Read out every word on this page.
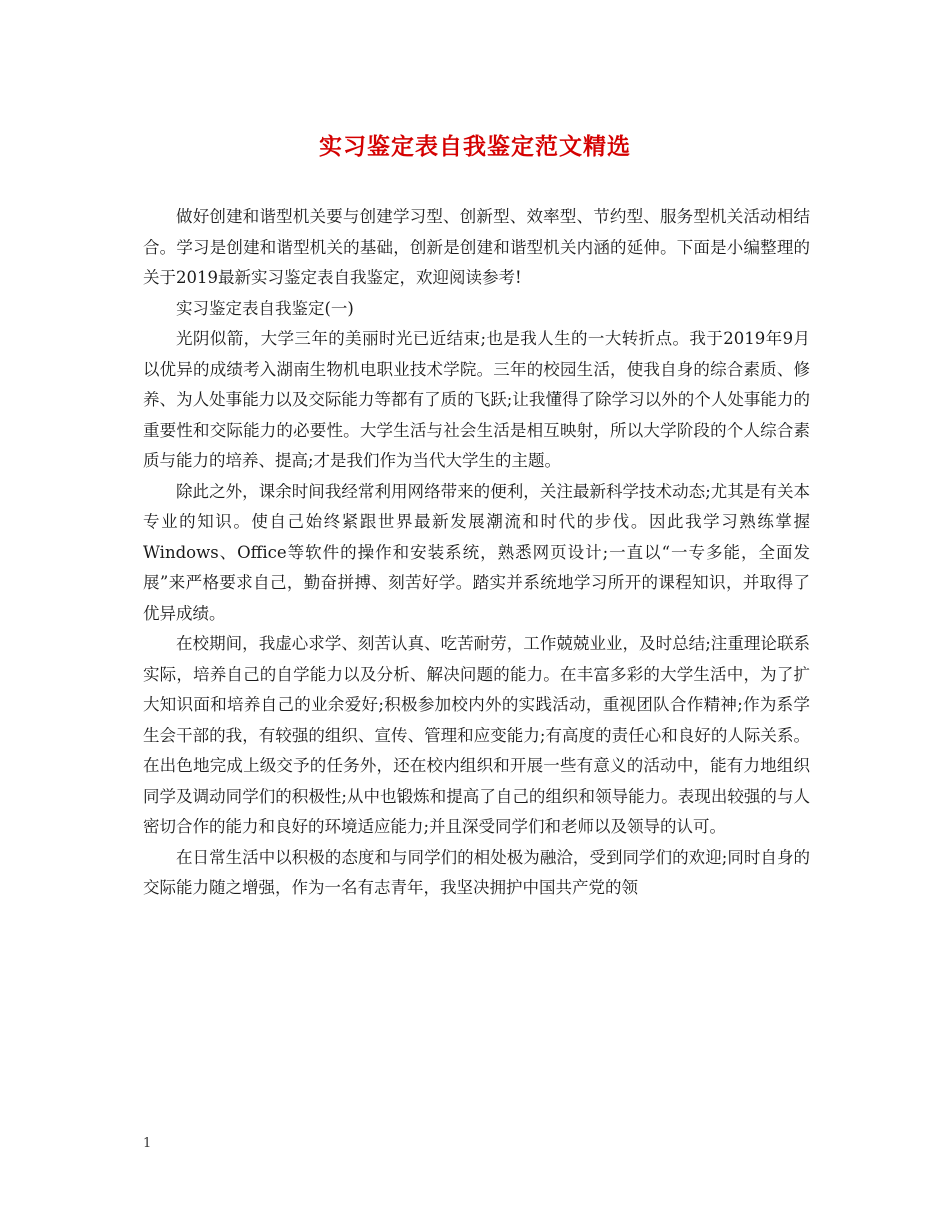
实习鉴定表自我鉴定范文精选

做好创建和谐型机关要与创建学习型、创新型、效率型、节约型、服务型机关活动相结合。学习是创建和谐型机关的基础，创新是创建和谐型机关内涵的延伸。下面是小编整理的关于2019最新实习鉴定表自我鉴定，欢迎阅读参考!

实习鉴定表自我鉴定(一)

光阴似箭，大学三年的美丽时光已近结束;也是我人生的一大转折点。我于2019年9月以优异的成绩考入湖南生物机电职业技术学院。三年的校园生活，使我自身的综合素质、修养、为人处事能力以及交际能力等都有了质的飞跃;让我懂得了除学习以外的个人处事能力的重要性和交际能力的必要性。大学生活与社会生活是相互映射，所以大学阶段的个人综合素质与能力的培养、提高;才是我们作为当代大学生的主题。

除此之外，课余时间我经常利用网络带来的便利，关注最新科学技术动态;尤其是有关本专业的知识。使自己始终紧跟世界最新发展潮流和时代的步伐。因此我学习熟练掌握Windows、Office等软件的操作和安装系统，熟悉网页设计;一直以“一专多能，全面发展”来严格要求自己，勤奋拼搏、刻苦好学。踏实并系统地学习所开的课程知识，并取得了优异成绩。

在校期间，我虚心求学、刻苦认真、吃苦耐劳，工作兢兢业业，及时总结;注重理论联系实际，培养自己的自学能力以及分析、解决问题的能力。在丰富多彩的大学生活中，为了扩大知识面和培养自己的业余爱好;积极参加校内外的实践活动，重视团队合作精神;作为系学生会干部的我，有较强的组织、宣传、管理和应变能力;有高度的责任心和良好的人际关系。在出色地完成上级交予的任务外，还在校内组织和开展一些有意义的活动中，能有力地组织同学及调动同学们的积极性;从中也锻炼和提高了自己的组织和领导能力。表现出较强的与人密切合作的能力和良好的环境适应能力;并且深受同学们和老师以及领导的认可。

在日常生活中以积极的态度和与同学们的相处极为融洽，受到同学们的欢迎;同时自身的交际能力随之增强，作为一名有志青年，我坚决拥护中国共产党的领

1
